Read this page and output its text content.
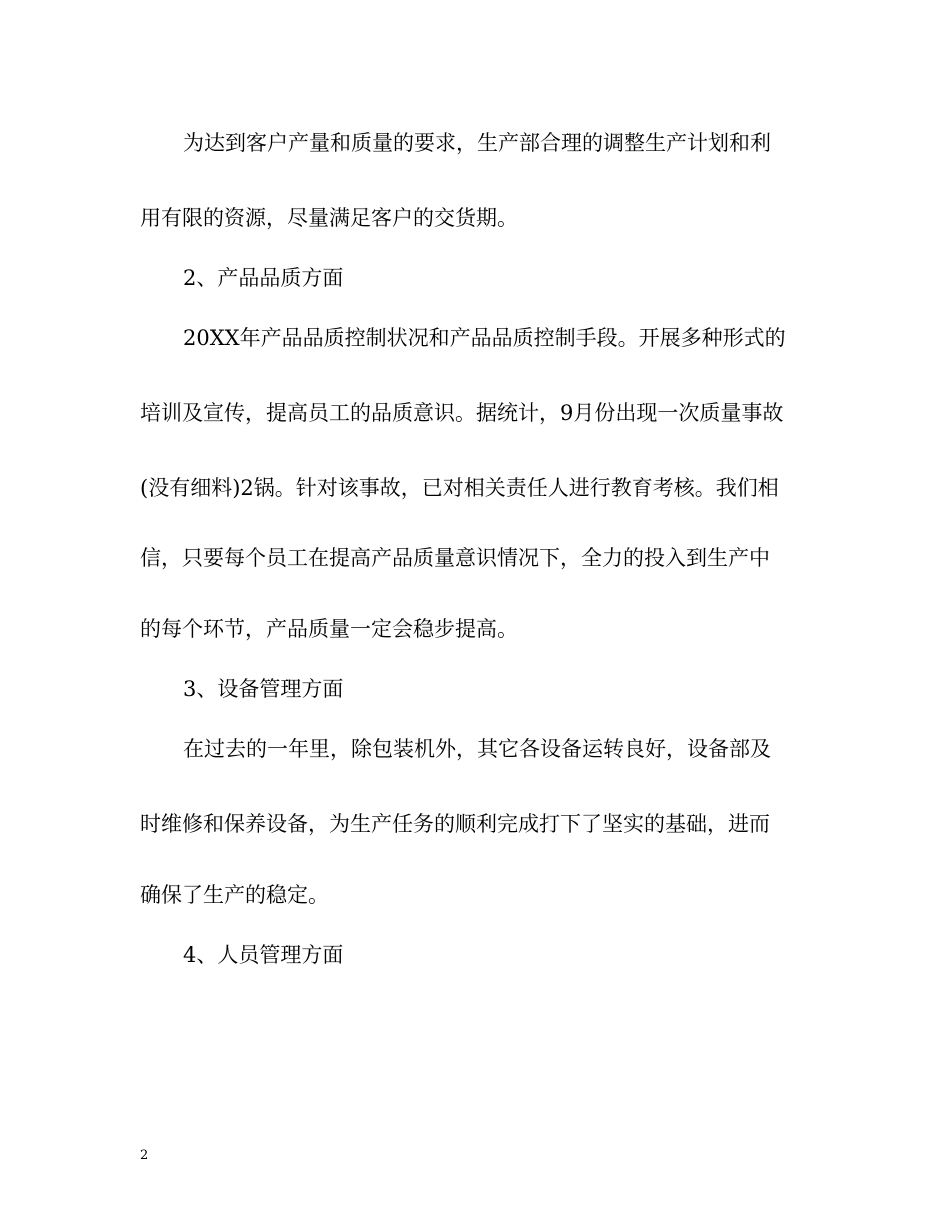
为达到客户产量和质量的要求，生产部合理的调整生产计划和利
用有限的资源，尽量满足客户的交货期。
2、产品品质方面
20XX年产品品质控制状况和产品品质控制手段。开展多种形式的
培训及宣传，提高员工的品质意识。据统计，9月份出现一次质量事故
(没有细料)2锅。针对该事故，已对相关责任人进行教育考核。我们相
信，只要每个员工在提高产品质量意识情况下，全力的投入到生产中
的每个环节，产品质量一定会稳步提高。
3、设备管理方面
在过去的一年里，除包装机外，其它各设备运转良好，设备部及
时维修和保养设备，为生产任务的顺利完成打下了坚实的基础，进而
确保了生产的稳定。
4、人员管理方面
2
